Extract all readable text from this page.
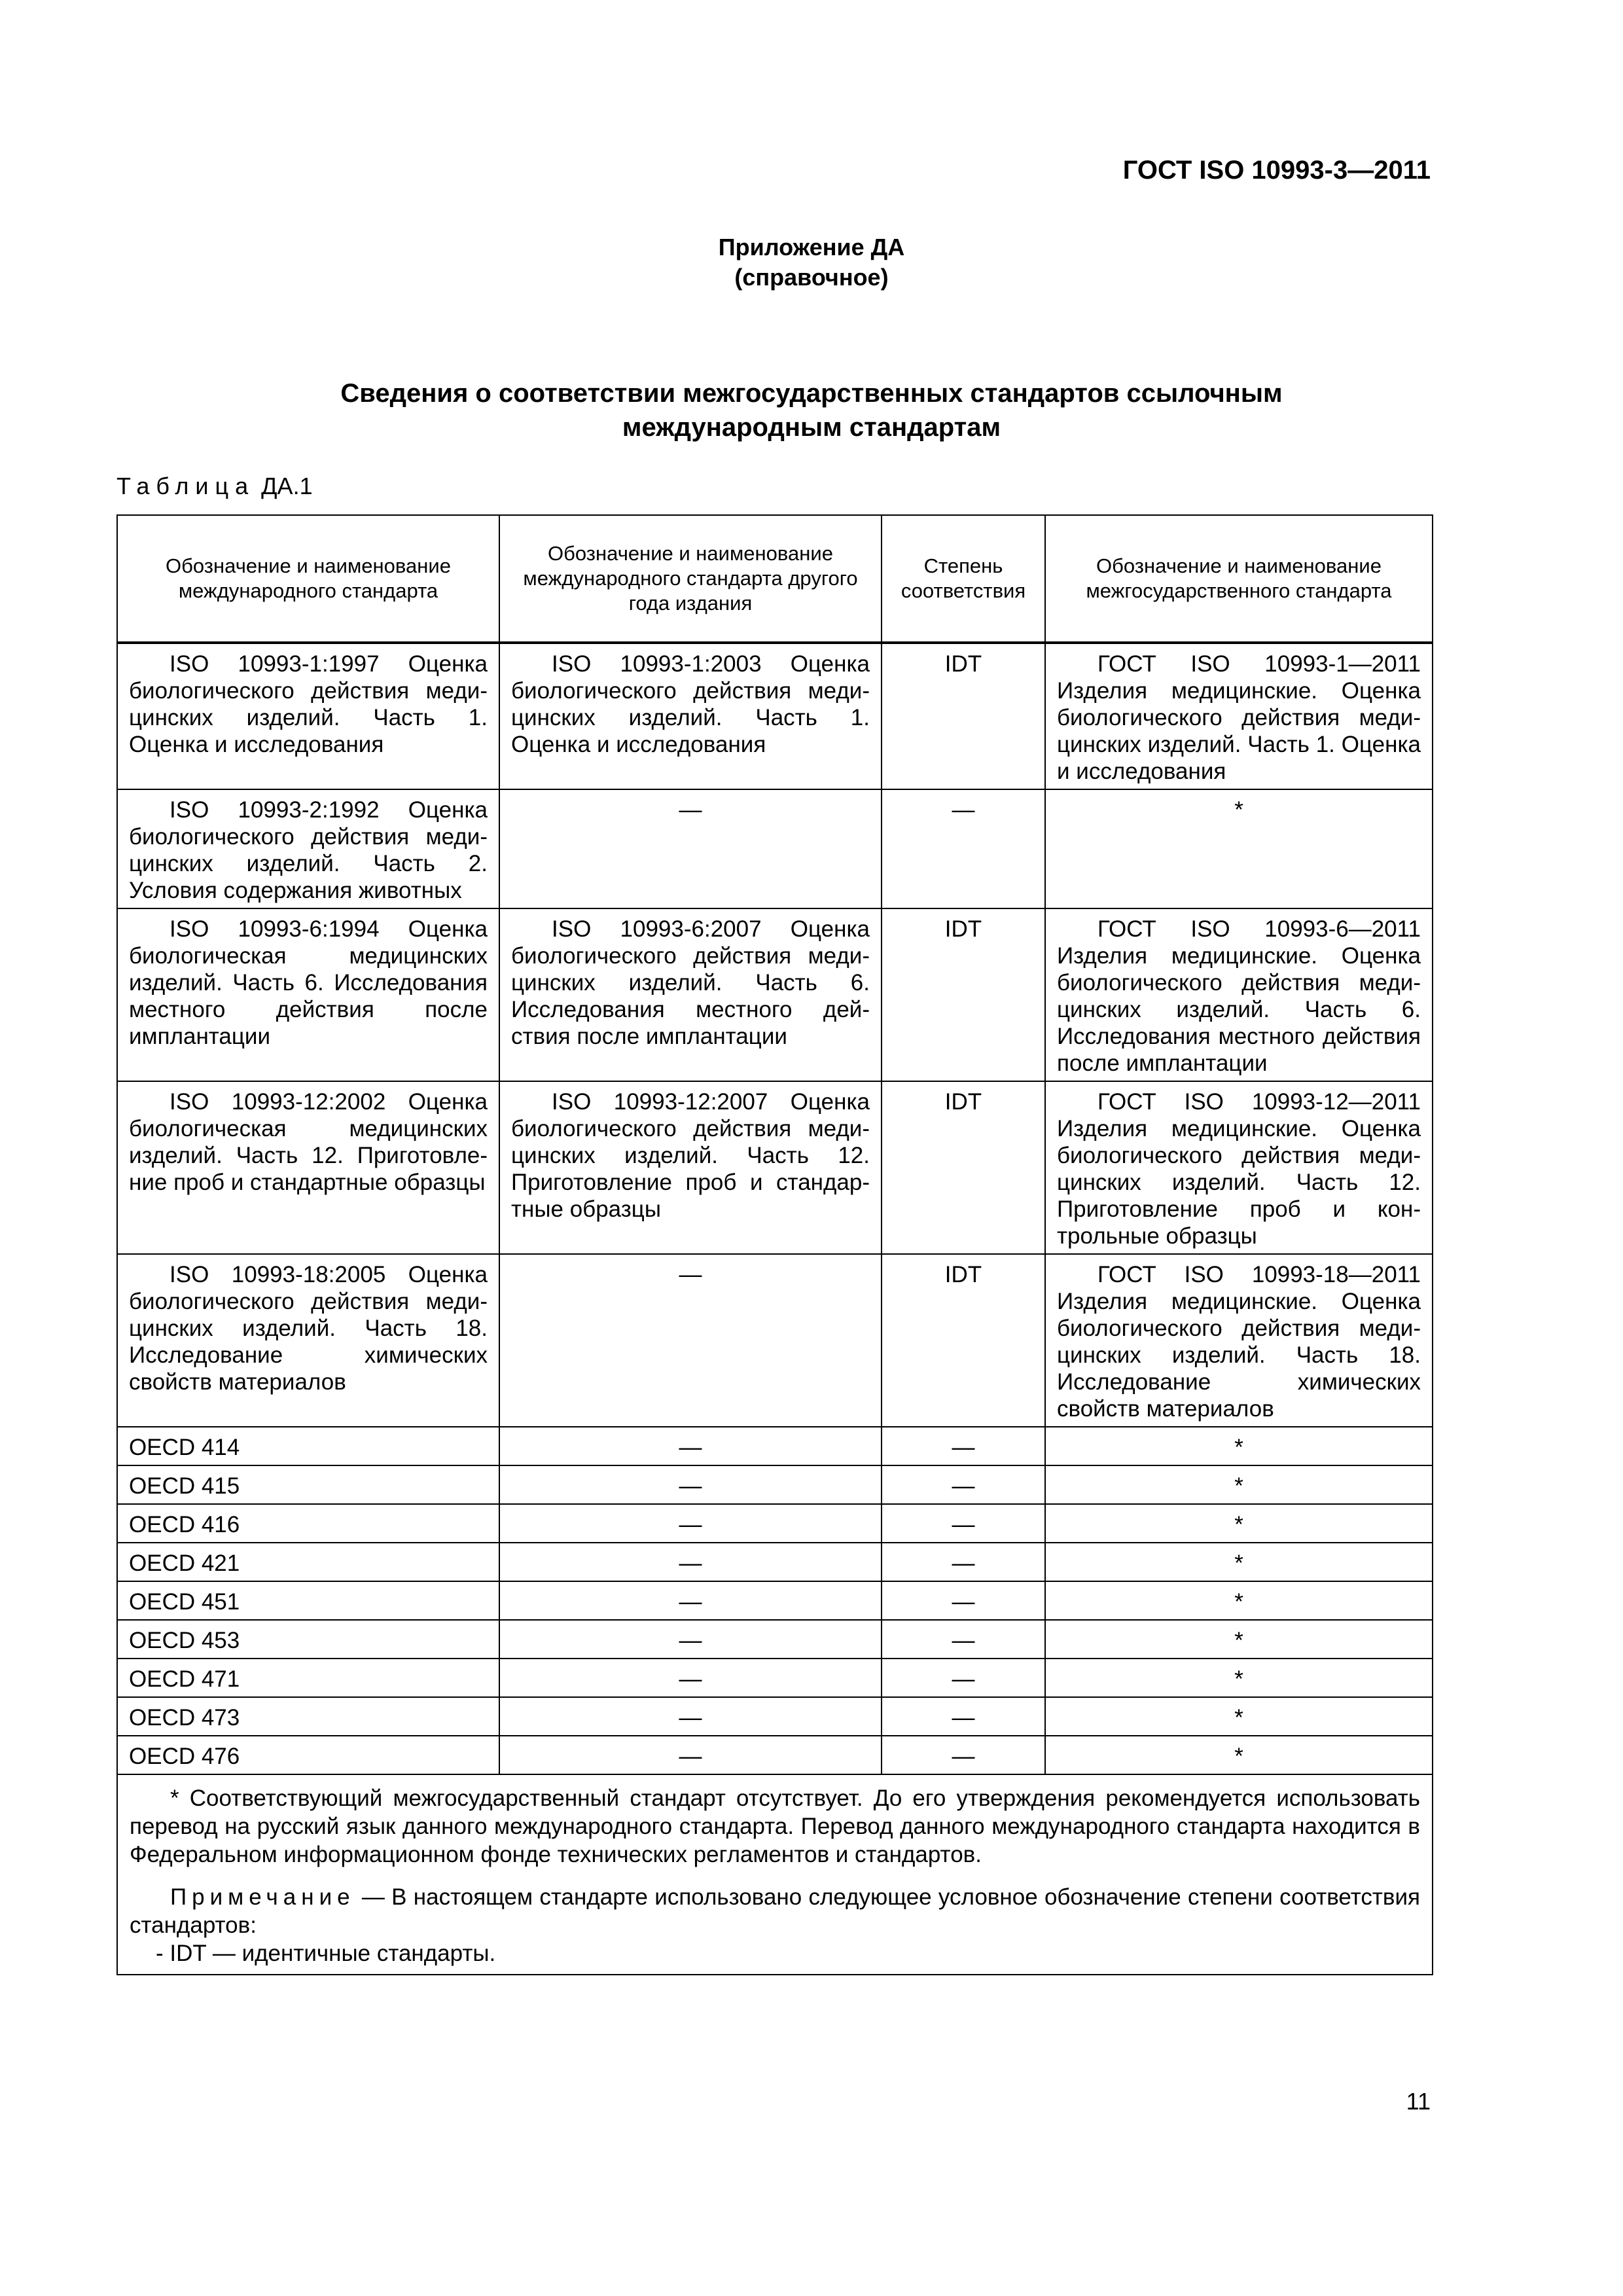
ГОСТ ISO 10993-3—2011
Приложение ДА
(справочное)
Сведения о соответствии межгосударственных стандартов ссылочным
международным стандартам
Таблица ДА.1
Обозначение и наименование международного стандарта	Обозначение и наименование международного стандарта другого года издания	Степень соответствия	Обозначение и наименование межгосударственного стандарта
ISO 10993-1:1997 Оценка биологического действия медицинских изделий. Часть 1. Оценка и исследования	ISO 10993-1:2003 Оценка биологического действия медицинских изделий. Часть 1. Оценка и исследования	IDT	ГОСТ ISO 10993-1—2011 Изделия медицинские. Оценка биологического действия медицинских изделий. Часть 1. Оценка и исследования
ISO 10993-2:1992 Оценка биологического действия медицинских изделий. Часть 2. Условия содержания животных	—	—	*
ISO 10993-6:1994 Оценка биологическая медицинских изделий. Часть 6. Исследования местного действия после имплантации	ISO 10993-6:2007 Оценка биологического действия медицинских изделий. Часть 6. Исследования местного действия после имплантации	IDT	ГОСТ ISO 10993-6—2011 Изделия медицинские. Оценка биологического действия медицинских изделий. Часть 6. Исследования местного действия после имплантации
ISO 10993-12:2002 Оценка биологическая медицинских изделий. Часть 12. Приготовление проб и стандартные образцы	ISO 10993-12:2007 Оценка биологического действия медицинских изделий. Часть 12. Приготовление проб и стандартные образцы	IDT	ГОСТ ISO 10993-12—2011 Изделия медицинские. Оценка биологического действия медицинских изделий. Часть 12. Приготовление проб и контрольные образцы
ISO 10993-18:2005 Оценка биологического действия медицинских изделий. Часть 18. Исследование химических свойств материалов	—	IDT	ГОСТ ISO 10993-18—2011 Изделия медицинские. Оценка биологического действия медицинских изделий. Часть 18. Исследование химических свойств материалов
OECD 414	—	—	*
OECD 415	—	—	*
OECD 416	—	—	*
OECD 421	—	—	*
OECD 451	—	—	*
OECD 453	—	—	*
OECD 471	—	—	*
OECD 473	—	—	*
OECD 476	—	—	*

* Соответствующий межгосударственный стандарт отсутствует. До его утверждения рекомендуется использовать перевод на русский язык данного международного стандарта. Перевод данного международного стандарта находится в Федеральном информационном фонде технических регламентов и стандартов.

Примечание — В настоящем стандарте использовано следующее условное обозначение степени соответствия стандартов:

- IDT — идентичные стандарты.			

11
